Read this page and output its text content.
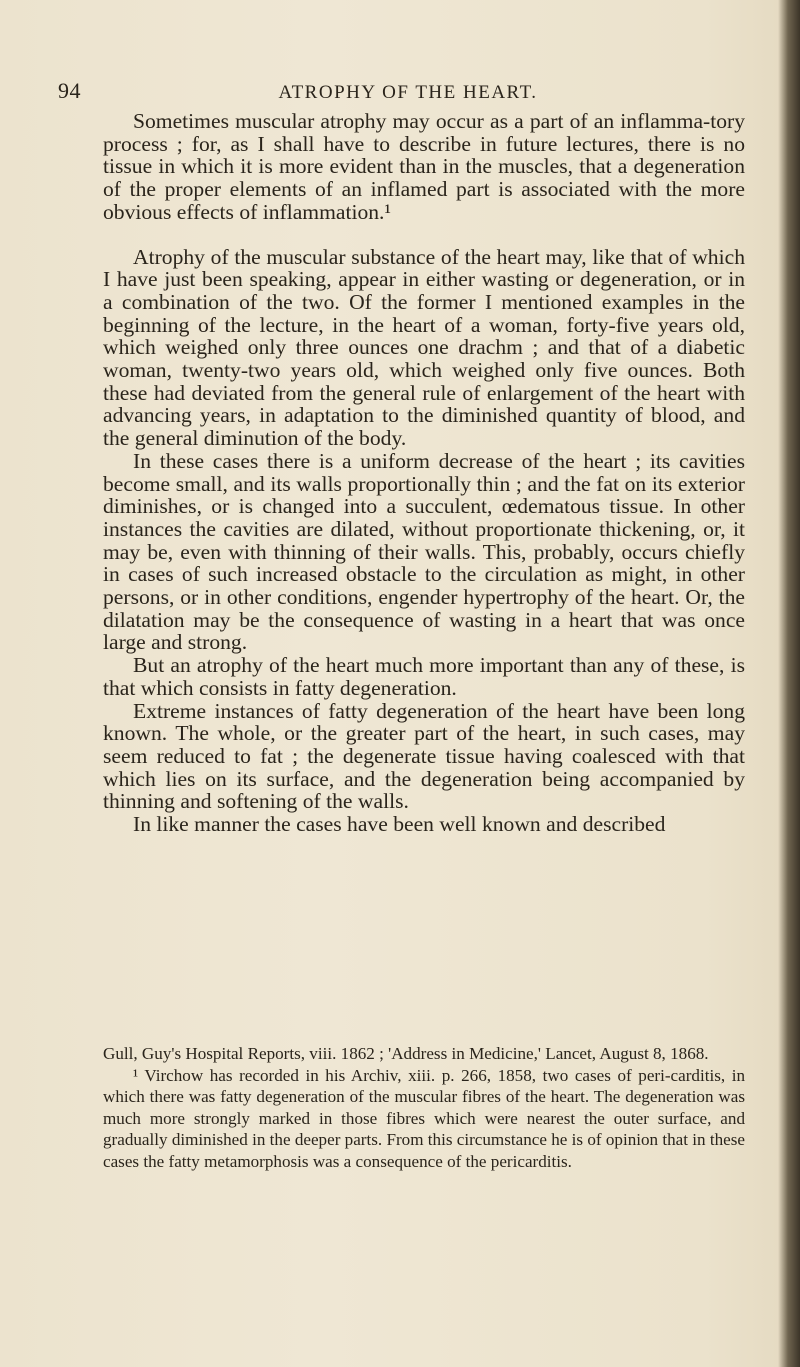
94	ATROPHY OF THE HEART.

Sometimes muscular atrophy may occur as a part of an inflamma-tory process ; for, as I shall have to describe in future lectures, there is no tissue in which it is more evident than in the muscles, that a degeneration of the proper elements of an inflamed part is associated with the more obvious effects of inflammation.¹

Atrophy of the muscular substance of the heart may, like that of which I have just been speaking, appear in either wasting or degeneration, or in a combination of the two. Of the former I mentioned examples in the beginning of the lecture, in the heart of a woman, forty-five years old, which weighed only three ounces one drachm ; and that of a diabetic woman, twenty-two years old, which weighed only five ounces. Both these had deviated from the general rule of enlargement of the heart with advancing years, in adaptation to the diminished quantity of blood, and the general diminution of the body.

In these cases there is a uniform decrease of the heart ; its cavities become small, and its walls proportionally thin ; and the fat on its exterior diminishes, or is changed into a succulent, œdematous tissue. In other instances the cavities are dilated, without proportionate thickening, or, it may be, even with thinning of their walls. This, probably, occurs chiefly in cases of such increased obstacle to the circulation as might, in other persons, or in other conditions, engender hypertrophy of the heart. Or, the dilatation may be the consequence of wasting in a heart that was once large and strong.

But an atrophy of the heart much more important than any of these, is that which consists in fatty degeneration.

Extreme instances of fatty degeneration of the heart have been long known. The whole, or the greater part of the heart, in such cases, may seem reduced to fat ; the degenerate tissue having coalesced with that which lies on its surface, and the degeneration being accompanied by thinning and softening of the walls.

In like manner the cases have been well known and described

Gull, Guy's Hospital Reports, viii. 1862 ; 'Address in Medicine,' Lancet, August 8, 1868.

¹ Virchow has recorded in his Archiv, xiii. p. 266, 1858, two cases of peri-carditis, in which there was fatty degeneration of the muscular fibres of the heart. The degeneration was much more strongly marked in those fibres which were nearest the outer surface, and gradually diminished in the deeper parts. From this circumstance he is of opinion that in these cases the fatty metamorphosis was a consequence of the pericarditis.
